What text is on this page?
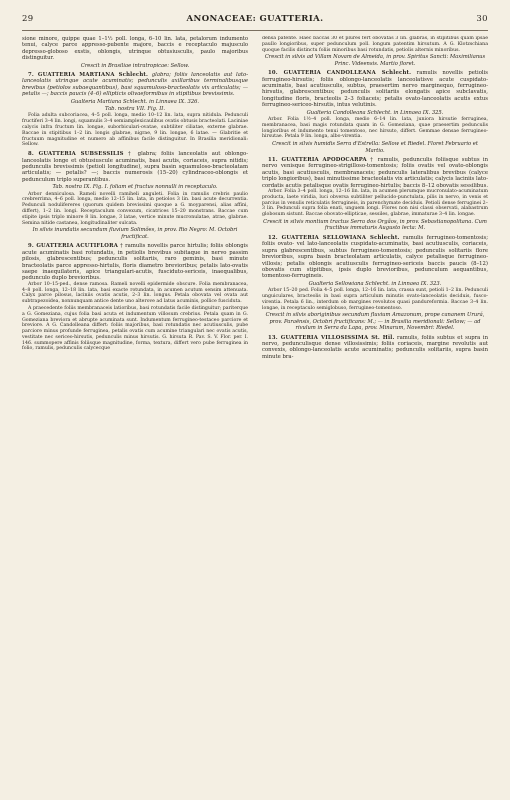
29	ANONACEAE: GUATTERIA.	30

sione minore, quippe quae 1–1½ poll. longa, 6–10 lin. lata, petalorum indumento tenui, calyce parce appresso-pubente majore, baccis e receptaculo majusculo depresso-globoso exstis, oblongis, utrinque obtusiusculis, paulo majoribus distinguitur.

Crescit in Brasiliae intratropicae: Sellow.

7. GUATTERIA MARTIANA Schlecht. glabra; foliis lanceolatis aut lato-lanceolatis utrinque acute acuminatis; pedunculis axillaribus terminalibusque brevibus (petiolos subaequantibus), basi squamuloso-bracteolatis vix articulatis; — petalis —; baccis paucis (4–6) ellipticis olivaeformibus in stipitibus brevissimis.

Gualteria Martiana Schlecht. in Linnaea IX. 326.

Tab. nostra VII. Fig. II.

Folia adulta subcoriacea, 4–5 poll. longa, medio 10–12 lin. lata, supra nitidula. Pedunculi fructiferi 3–4 lin. longi, squamulis 3–4 semiamplexicaulibus ovatis obtusis bracteolati. Laciniae calycis infra fructum lin. longae, suborbiculari-ovatae, subtiliter ciliatae, externe glabrae. Baccae in stipitibus 1–2 lin. longis glabrae, nigrae, 9 lin. longae, 6 latae. — Glabritie et fructuum magnitudine et numero ab affinibus facile distinguitur. In Brasilia meridionali: Sellow.

8. GUATTERIA SUBSESSILIS † glabra; foliis lanceolatis aut oblongo-lanceolatis longe et obtusiuscule acuminatis, basi acutis, coriaceis, supra nitidis; pedunculis brevissimis (petioli longitudine), supra basin squamuloso-bracteolatam articulatis; — petalis? —; baccis numerosis (15–20) cylindraceo-oblongis et pedunculum triplo superantibus.

Tab. nostra IX. Fig. I. foliam et fructus nonnulli in receptaculo.

Arbor denniculosa. Rameli novelli ramiheli anguleti. Folia in ramulis crebris paulio crebrerrima, 4–6 poll. longa, medio 12–15 lin. lata, in petiolos 3 lin. basi acute decurrentia. Pedunculi nodulifereres (quorum quidem brevissimi quoque a G. moyparensi, alias affini, differt), 1–2 lin. longi. Receptaculum convexum, cicatrices 15–20 monstrans. Baccae cum stipite ipsis triplo minore 8 lin. longae, 3 latae, vertice minute mucronulatae, atrae, glabrae. Semina nitide castanea, longitudinaliter sulcata.

In silvis inundatis secundum fluvium Solimões, in prov. Rio Negro: M. Octobri fructificat.

9. GUATTERIA ACUTIFLORA † ramulis novellis parce hirtulis; foliis oblongis acute acuminatis basi rotundatis, in petiolis brevibus subitaque in nervo passim pilosis, glabrescentibus; pedunculis solitariis, raro geminis, basi minute bracteolatis parce appresso-hirtulis, floris diametro brevioribus; petalis lato-ovatis saepe inaequilateris, apice triangulari-acutis, fusciduto-sericeis, inaequalibus, pedunculo duplo brevioribus.

Arbor 10–15-ped., dense ramosa. Rameli novelli epidermide obscure. Folia membranacea, 4–8 poll. longa, 12–18 lin. lata, basi exacte rotundata, in acumen acutum sensim attenuata. Calyx parce pilosus, laciniis ovatis acutis, 2–3 lin. longus. Petala obovata vel ovata aut subtrapezoidea, nonnunquam antice dente uno alterove ad latus acuminis, pollice fusciduta.

A praecedente foliis membranaceis latioribus, basi rotundatis facile distinguitur; pariterque a G. Gomeziana, cujus folia basi acuta et indumentum villosum crebrius. Petala quam in G. Gomeziana breviora et abrupte acuminata sunt. Indumentum ferrugineo-testaceo parciore et breviore. A G. Candolleana differt: foliis majoribus, basi rotundatis nec acutiusculis, pube parciore minus profunde ferruginea, petalis ovatis cum acumine triangulari nec ovatis acutis, vestitate nec sericeo-hirsutis, pedunculis minus hirsutis. G. hirsuta R. Pav. S. V. Flor. per. I. 146. summopere affinis foliisque magnitudine, forma, textura, differt vero pube ferruginea in folio, ramulis, pedunculis calycecque

densa patente. Haec baccas 30 et plures fert obovatas 3 lin. glabras, in stipitibus quam ipsae paullo longioribus, super pedunculum poll. longum patentim hirsutum. A G. Klotzschiana quoque facilis distinctu foliis minoribus basi rotundatis, petiolis alternis minoribus.

Crescit in silvis ad Villam Novam de Almeida, in prov. Spiritus Sancti: Maximilianus Princ. Videensis. Martio floret.

10. GUATTERIA CANDOLLEANA Schlecht. ramulis novellis petiolis ferrugineo-hirsutis; foliis oblongo-lanceolatis lanceolatisve acute cuspidato-acuminatis, basi acutiusculis, subtus, praesertim nervo marginequo, ferrugineo-hirsutis, glabrescentibus; pedunculis solitariis elongatis apice subclavatis, longitudine floris, bracteolis 2–3 foliaceis; petalis ovato-lanceolatis acutis extus ferrugineo-sericeo-hirsutis, intus velutinis.

Gualteria Candolleana Schlecht. in Linnaea IX. 325.

Arbor. Folia 1½–4 poll. longa, medio 6–14 lin. lata, juniora hirsutie ferruginea, membranacea, basi magis rotundata quam in G. Gomeziana, quae praesertim pedunculis longioribus et indumento tenui tomentoso, nec hirsuto, differt. Gemmae densae ferrugineo-hirsutae. Petala 9 lin. longa, albo-virentia.

Crescit in silvis humidis Serra d'Estrella: Sellow et Riedel. Floret Februario et Martio.

11. GUATTERIA APODOCARPA † ramulis, pedunculis foliisque subtus in nervo venisque ferrugineo-strigilloso-tomentosis; foliis ovatis vel ovato-oblongis acutis, basi acutiusculis, membranaceis; pedunculis lateralibus brevibus (calyce triplo longioribus), basi minutissime bracteolatis vix articulatis; calycis laciniis lato-cordatis acutis petalisque ovatis ferrugineo-hirtulis; baccis 8–12 obovatis sessilibus.

Arbor. Folia 3–4 poll. longa, 12–16 lin. lata, in acumen plerumque mucronulato-acuminatum producta, laete viridia, luci obversa subtiliter pellucido-punctulata, pilis in nervo, in venis et parcius in venulis reticulatis ferrugineis, in parenchymate deciduis. Petioli dense ferruginei 2–3 lin. Pedunculi supra folia enati, unguem longi. Flores non nisi classi observati, alabastrum globosum sistunt. Baccae obovato-ellipticae, sessiles, glabrae, immaturae 3–4 lin. longae.

Crescit in silvis montium tractus Serra dos Orgãos, in prov. Sebastianopolitana. Cum fructibus immaturis Augusto lecta: M.

12. GUATTERIA SELLOWIANA Schlecht. ramulis ferrugineo-tomentosis; foliis ovato- vel lato-lanceolatis cuspidato-acuminatis, basi acutiusculis, coriaceis, supra glabrescentibus, subtus ferrugineo-tomentosis; pedunculis solitariis flore brevioribus, supra basin bracteolatam articulatis, calyce petalisque ferrugineo-villosis; petalis oblongis acutiusculis ferrugineo-sericeis baccis paucis (8–12) obovatis cum stipitibus, ipsis duplo brevioribus, pedunculum aequantibus, tomentoso-ferrugineis.

Gualteria Sellowiana Schlecht. in Linnaea IX. 323.

Arbor 15–20 ped. Folia 4–5 poll. longa, 12–16 lin. lata, crassa sunt, petioli 1–2 lin. Pedunculi unguiculares, bracteolis in basi supra articulum minutis ovato-lanceolatis deciduis, fusco-virentia. Petala 6 lin., interdum ob margines revolutos quasi pandureformia. Baccae 3–4 lin. longae, in receptaculo semiglobuso, ferrugineo-tomentoso.

Crescit in silvis aboriginibus secundum fluvium Amazonum, prope cananem Ururá, prov. Paraënsis, Octobri fructificans: M.; — in Brasilia meridionali: Sellow; — ad rivulum in Serra da Lapa, prov. Minarum, Novembri: Riedel.

13. GUATTERIA VILLOSISSIMA St. Hil. ramulis, foliis subtus et supra in nervo, pedunculisque dense villosissimis; foliis coriaceis, margine revolutis aut convexis, oblongo-lanceolatis acute acuminatis; pedunculis solitariis, supra basin minute bra-
